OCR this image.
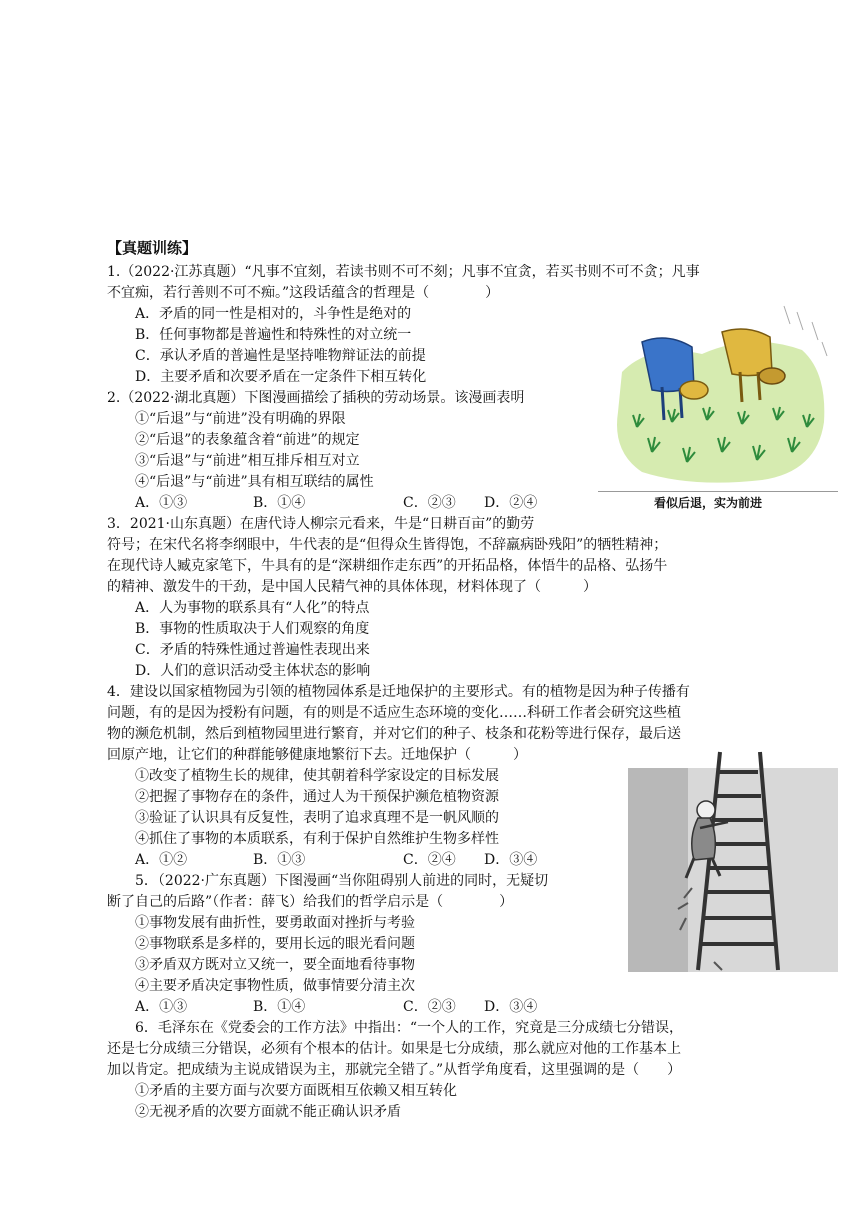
【真题训练】
1.（2022·江苏真题）“凡事不宜刻，若读书则不可不刻；凡事不宜贪，若买书则不可不贪；凡事
不宜痴，若行善则不可不痴。”这段话蕴含的哲理是（　　　　）
A．矛盾的同一性是相对的，斗争性是绝对的
B．任何事物都是普遍性和特殊性的对立统一
C．承认矛盾的普遍性是坚持唯物辩证法的前提
D．主要矛盾和次要矛盾在一定条件下相互转化
2.（2022·湖北真题）下图漫画描绘了插秧的劳动场景。该漫画表明
①“后退”与“前进”没有明确的界限
②“后退”的表象蕴含着“前进”的规定
③“后退”与“前进”相互排斥相互对立
④“后退”与“前进”具有相互联结的属性
A．①③	B．①④	C．②③ D．②④	看似后退，实为前进
3．2021·山东真题）在唐代诗人柳宗元看来，牛是“日耕百亩”的勤劳
符号；在宋代名将李纲眼中，牛代表的是“但得众生皆得饱，不辞羸病卧残阳”的牺牲精神；
在现代诗人臧克家笔下，牛具有的是“深耕细作走东西”的开拓品格，体悟牛的品格、弘扬牛
的精神、激发牛的干劲，是中国人民精气神的具体体现，材料体现了（　　　）
A．人为事物的联系具有“人化”的特点
B．事物的性质取决于人们观察的角度
C．矛盾的特殊性通过普遍性表现出来
D．人们的意识活动受主体状态的影响
4．建设以国家植物园为引领的植物园体系是迁地保护的主要形式。有的植物是因为种子传播有
问题，有的是因为授粉有问题，有的则是不适应生态环境的变化……科研工作者会研究这些植
物的濒危机制，然后到植物园里进行繁育，并对它们的种子、枝条和花粉等进行保存，最后送
回原产地，让它们的种群能够健康地繁衍下去。迁地保护（　　　）
①改变了植物生长的规律，使其朝着科学家设定的目标发展
②把握了事物存在的条件，通过人为干预保护濒危植物资源
③验证了认识具有反复性，表明了追求真理不是一帆风顺的
④抓住了事物的本质联系，有利于保护自然维护生物多样性
A．①②	B．①③	C．②④ D．③④
5．（2022·广东真题）下图漫画“当你阻碍别人前进的同时，无疑切
断了自己的后路”（作者：薛飞）给我们的哲学启示是（　　　　）
①事物发展有曲折性，要勇敢面对挫折与考验
②事物联系是多样的，要用长远的眼光看问题
③矛盾双方既对立又统一，要全面地看待事物
④主要矛盾决定事物性质，做事情要分清主次
A．①③	B．①④	C．②③ D．③④
6．毛泽东在《党委会的工作方法》中指出：“一个人的工作，究竟是三分成绩七分错误，
还是七分成绩三分错误，必须有个根本的估计。如果是七分成绩，那么就应对他的工作基本上
加以肯定。把成绩为主说成错误为主，那就完全错了。”从哲学角度看，这里强调的是（　　）
①矛盾的主要方面与次要方面既相互依赖又相互转化
②无视矛盾的次要方面就不能正确认识矛盾
